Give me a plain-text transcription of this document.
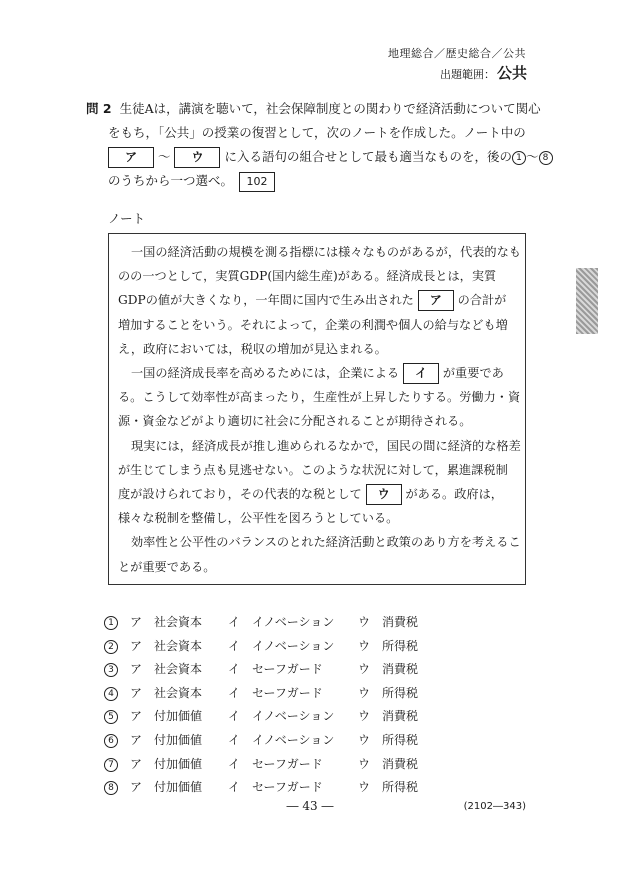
地理総合／歴史総合／公共
出題範囲： 公共
問 2 生徒Aは，講演を聴いて，社会保障制度との関わりで経済活動について関心
をもち，「公共」の授業の復習として，次のノートを作成した。ノート中の
ア ～ ウ に入る語句の組合せとして最も適当なものを，後の 1 ～ 8
のうちから一つ選べ。 102
ノート
一国の経済活動の規模を測る指標には様々なものがあるが，代表的なも
のの一つとして，実質GDP(国内総生産)がある。経済成長とは，実質
GDPの値が大きくなり，一年間に国内で生み出された ア の合計が
増加することをいう。それによって，企業の利潤や個人の給与なども増
え，政府においては，税収の増加が見込まれる。
一国の経済成長率を高めるためには，企業による イ が重要であ
る。こうして効率性が高まったり，生産性が上昇したりする。労働力・資
源・資金などがより適切に社会に分配されることが期待される。
現実には，経済成長が推し進められるなかで，国民の間に経済的な格差
が生じてしまう点も見逃せない。このような状況に対して，累進課税制
度が設けられており，その代表的な税として ウ がある。政府は，
様々な税制を整備し，公平性を図ろうとしている。
効率性と公平性のバランスのとれた経済活動と政策のあり方を考えるこ
とが重要である。
1	ア 社会資本 イ イノベーション ウ 消費税
2	ア 社会資本 イ イノベーション ウ 所得税
3	ア 社会資本 イ セーフガード	ウ 消費税
4	ア 社会資本 イ セーフガード	ウ 所得税
5	ア 付加価値 イ イノベーション ウ 消費税
6	ア 付加価値 イ イノベーション ウ 所得税
7	ア 付加価値 イ セーフガード	ウ 消費税
8	ア 付加価値 イ セーフガード	ウ 所得税
― 43 ―	(2102―343)
